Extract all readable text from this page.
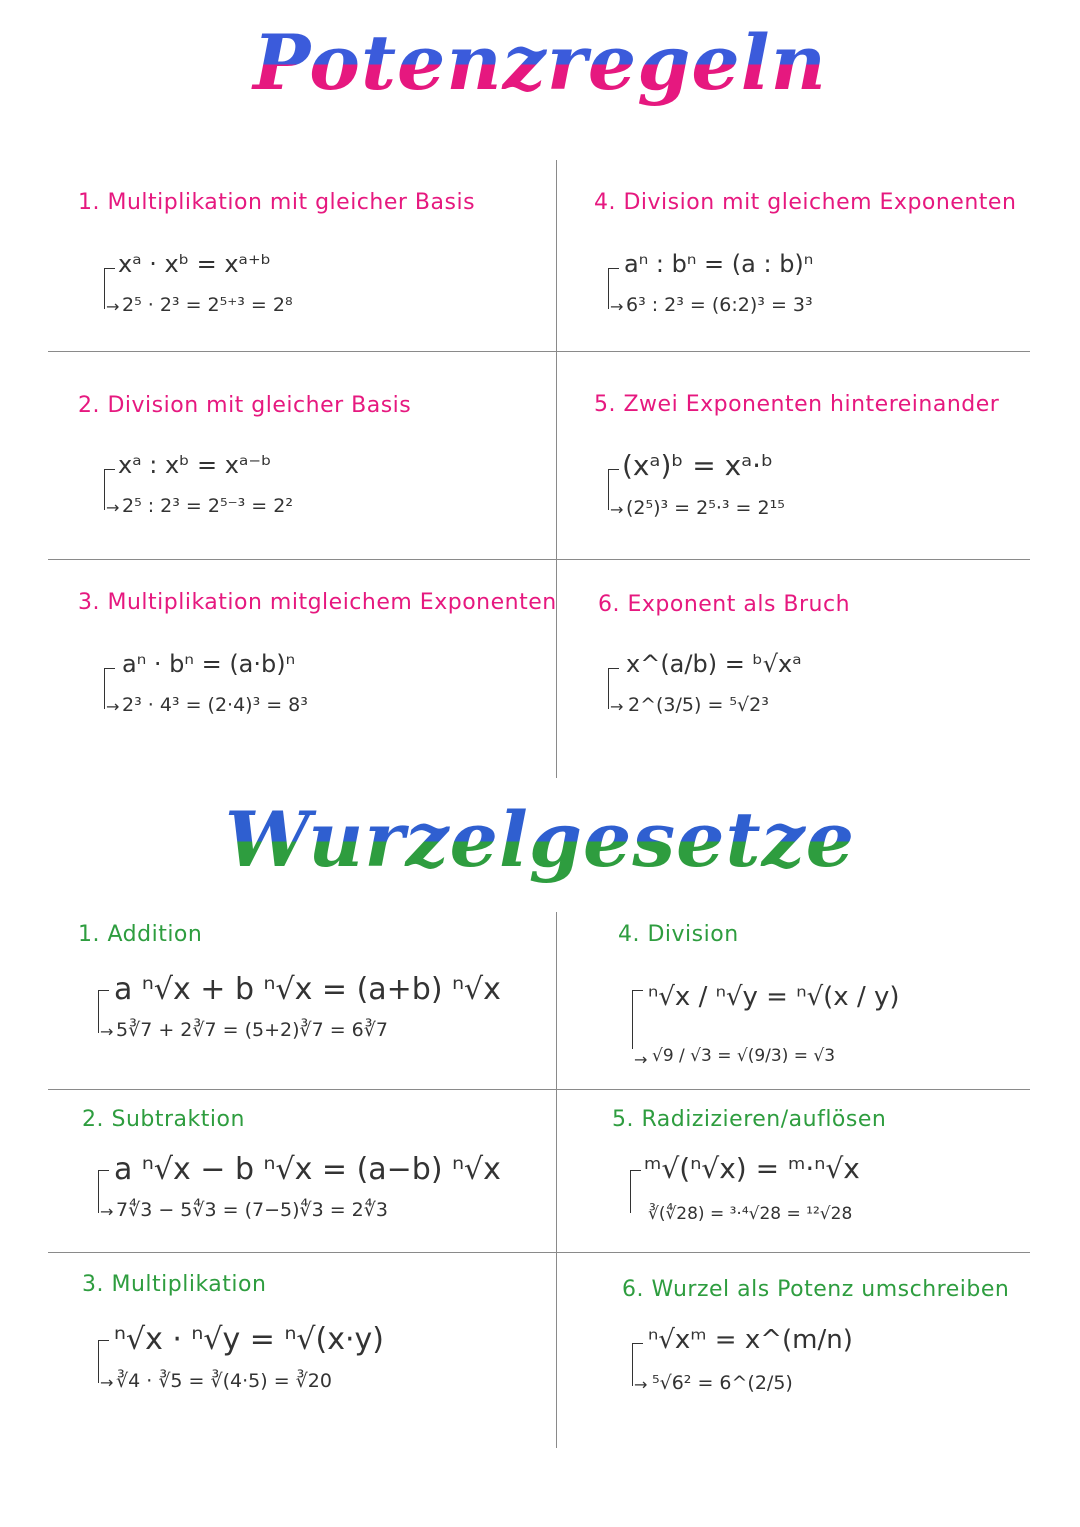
Potenzregeln
Wurzelgesetze
1. Multiplikation mit gleicher Basis
xᵃ · xᵇ = xᵃ⁺ᵇ
→ 2⁵ · 2³ = 2⁵⁺³ = 2⁸
2. Division mit gleicher Basis
xᵃ : xᵇ = xᵃ⁻ᵇ
→ 2⁵ : 2³ = 2⁵⁻³ = 2²
3. Multiplikation mitgleichem Exponenten
aⁿ · bⁿ = (a·b)ⁿ
→ 2³ · 4³ = (2·4)³ = 8³
4. Division mit gleichem Exponenten
aⁿ : bⁿ = (a : b)ⁿ
→ 6³ : 2³ = (6:2)³ = 3³
5. Zwei Exponenten hintereinander
(xᵃ)ᵇ = xᵃ·ᵇ
→ (2⁵)³ = 2⁵·³ = 2¹⁵
6. Exponent als Bruch
x^(a/b) = ᵇ√xᵃ
→ 2^(3/5) = ⁵√2³
1. Addition
a ⁿ√x + b ⁿ√x = (a+b) ⁿ√x
→ 5∛7 + 2∛7 = (5+2)∛7 = 6∛7
2. Subtraktion
a ⁿ√x − b ⁿ√x = (a−b) ⁿ√x
→ 7∜3 − 5∜3 = (7−5)∜3 = 2∜3
3. Multiplikation
ⁿ√x · ⁿ√y = ⁿ√(x·y)
→ ∛4 · ∛5 = ∛(4·5) = ∛20
4. Division
ⁿ√x / ⁿ√y = ⁿ√(x / y)
→ √9 / √3 = √(9/3) = √3
5. Radizizieren/auflösen
ᵐ√(ⁿ√x) = ᵐ·ⁿ√x
∛(∜28) = ³·⁴√28 = ¹²√28
6. Wurzel als Potenz umschreiben
ⁿ√xᵐ = x^(m/n)
→ ⁵√6² = 6^(2/5)
